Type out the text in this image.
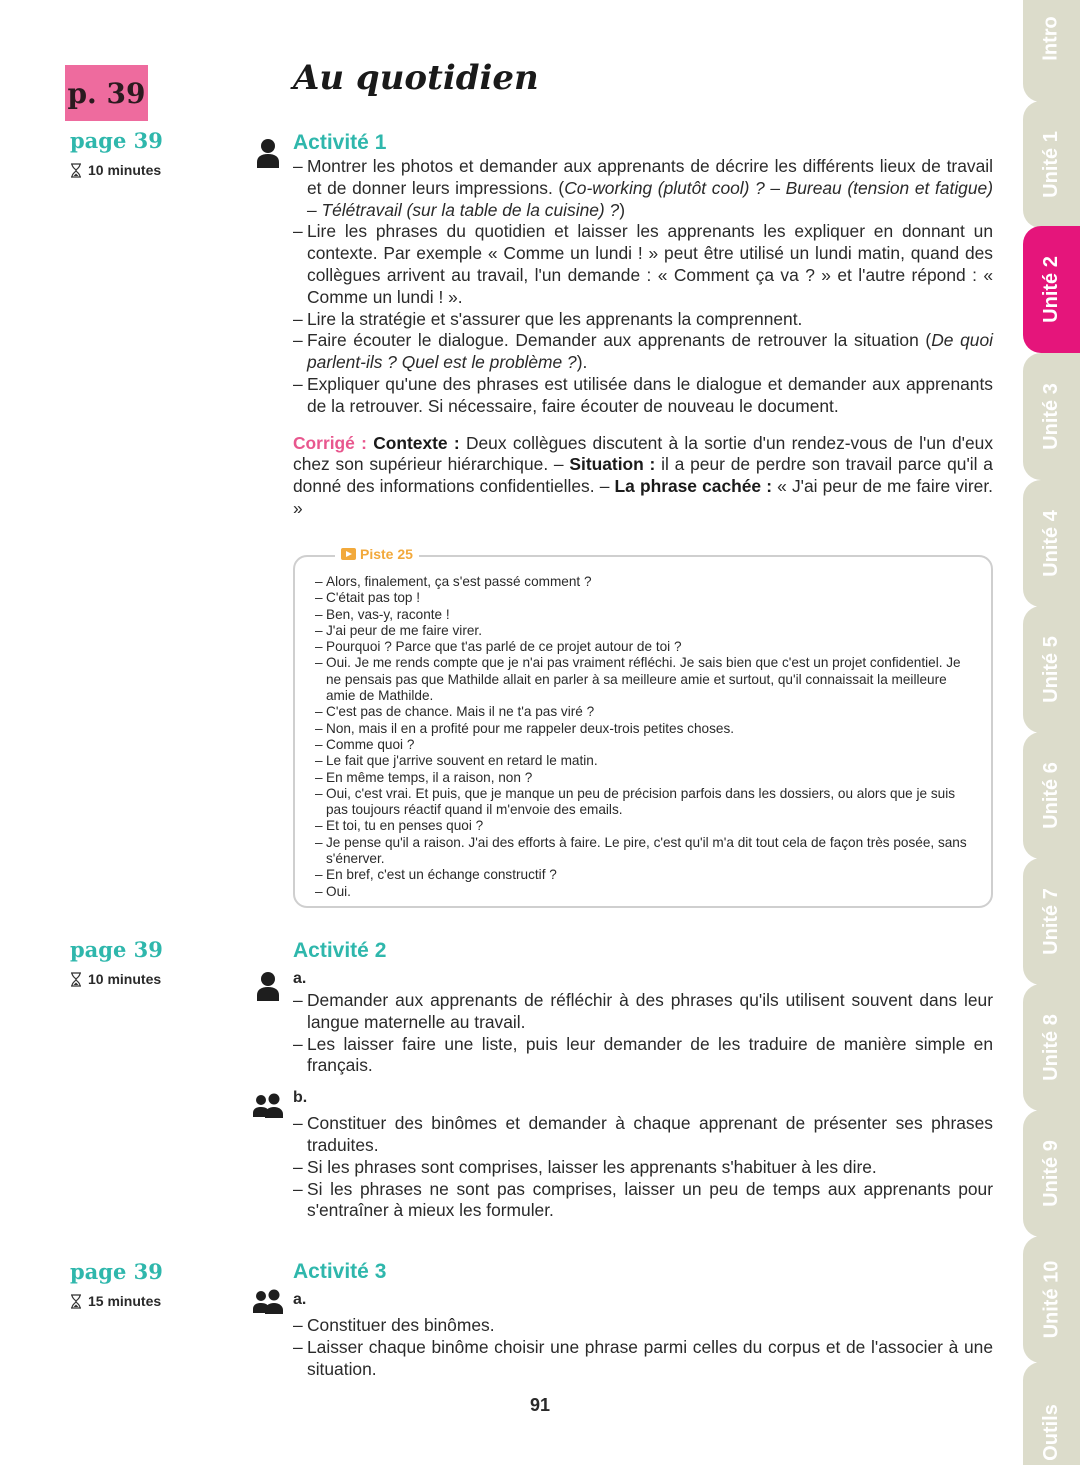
p. 39	Au quotidien
page 39
10 minutes
page 39
10 minutes
page 39
15 minutes
Activité 1
– Montrer les photos et demander aux apprenants de décrire les différents lieux de travail et de donner leurs impressions. (Co-working (plutôt cool) ? – Bureau (tension et fatigue) – Télétravail (sur la table de la cuisine) ?)
– Lire les phrases du quotidien et laisser les apprenants les expliquer en donnant un contexte. Par exemple « Comme un lundi ! » peut être utilisé un lundi matin, quand des collègues arrivent au travail, l'un demande : « Comment ça va ? » et l'autre répond : « Comme un lundi ! ».
– Lire la stratégie et s'assurer que les apprenants la comprennent.
– Faire écouter le dialogue. Demander aux apprenants de retrouver la situation (De quoi parlent-ils ? Quel est le problème ?).
– Expliquer qu'une des phrases est utilisée dans le dialogue et demander aux apprenants de la retrouver. Si nécessaire, faire écouter de nouveau le document.

Corrigé : Contexte : Deux collègues discutent à la sortie d'un rendez-vous de l'un d'eux chez son supérieur hiérarchique. – Situation : il a peur de perdre son travail parce qu'il a donné des informations confidentielles. – La phrase cachée : « J'ai peur de me faire virer. »

Piste 25
– Alors, finalement, ça s'est passé comment ?
– C'était pas top !
– Ben, vas-y, raconte !
– J'ai peur de me faire virer.
– Pourquoi ? Parce que t'as parlé de ce projet autour de toi ?
– Oui. Je me rends compte que je n'ai pas vraiment réfléchi. Je sais bien que c'est un projet confidentiel. Je ne pensais pas que Mathilde allait en parler à sa meilleure amie et surtout, qu'il connaissait la meilleure amie de Mathilde.
– C'est pas de chance. Mais il ne t'a pas viré ?
– Non, mais il en a profité pour me rappeler deux-trois petites choses.
– Comme quoi ?
– Le fait que j'arrive souvent en retard le matin.
– En même temps, il a raison, non ?
– Oui, c'est vrai. Et puis, que je manque un peu de précision parfois dans les dossiers, ou alors que je suis pas toujours réactif quand il m'envoie des emails.
– Et toi, tu en penses quoi ?
– Je pense qu'il a raison. J'ai des efforts à faire. Le pire, c'est qu'il m'a dit tout cela de façon très posée, sans s'énerver.
– En bref, c'est un échange constructif ?
– Oui.
Activité 2
a.
– Demander aux apprenants de réfléchir à des phrases qu'ils utilisent souvent dans leur langue maternelle au travail.
– Les laisser faire une liste, puis leur demander de les traduire de manière simple en français.
b.
– Constituer des binômes et demander à chaque apprenant de présenter ses phrases traduites.
– Si les phrases sont comprises, laisser les apprenants s'habituer à les dire.
– Si les phrases ne sont pas comprises, laisser un peu de temps aux apprenants pour s'entraîner à mieux les formuler.
Activité 3
a.
– Constituer des binômes.
– Laisser chaque binôme choisir une phrase parmi celles du corpus et de l'associer à une situation.
91
Intro
Unité 1
Unité 2
Unité 3
Unité 4
Unité 5
Unité 6
Unité 7
Unité 8
Unité 9
Unité 10
Outils
